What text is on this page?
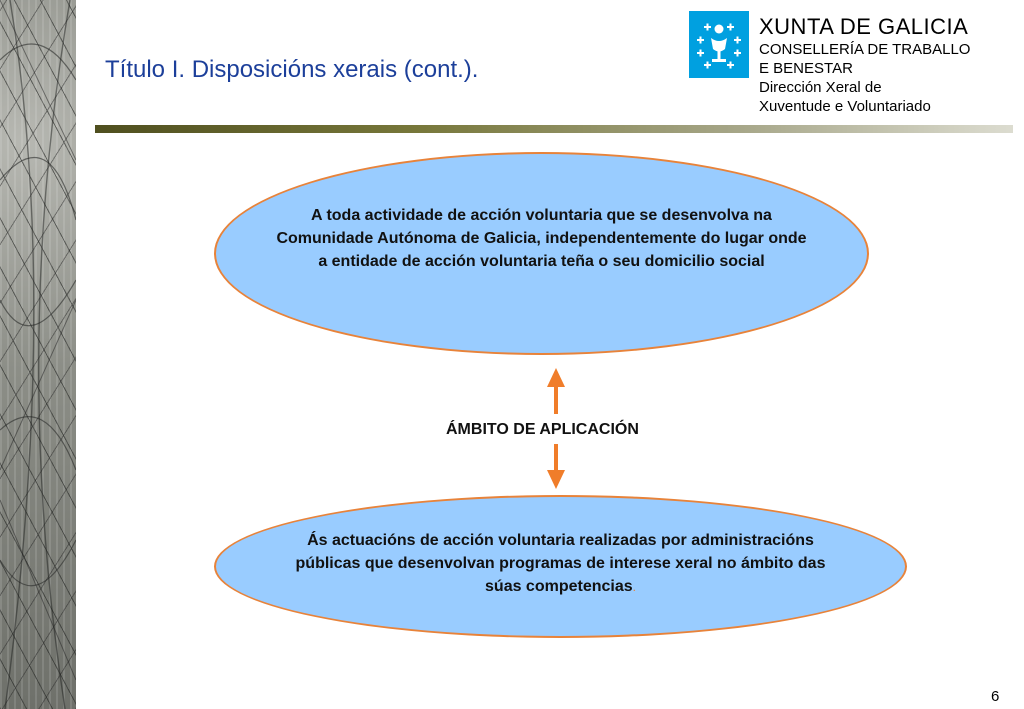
Título I. Disposicións xerais (cont.).
XUNTA DE GALICIA
CONSELLERÍA DE TRABALLO
E BENESTAR
Dirección Xeral de
Xuventude e Voluntariado

A toda actividade de acción voluntaria que se desenvolva na Comunidade Autónoma de Galicia, independentemente do lugar onde a entidade de acción voluntaria teña o seu domicilio social

ÁMBITO DE APLICACIÓN

Ás actuacións de acción voluntaria realizadas por administracións públicas que desenvolvan programas de interese xeral no ámbito das súas competencias.

6
